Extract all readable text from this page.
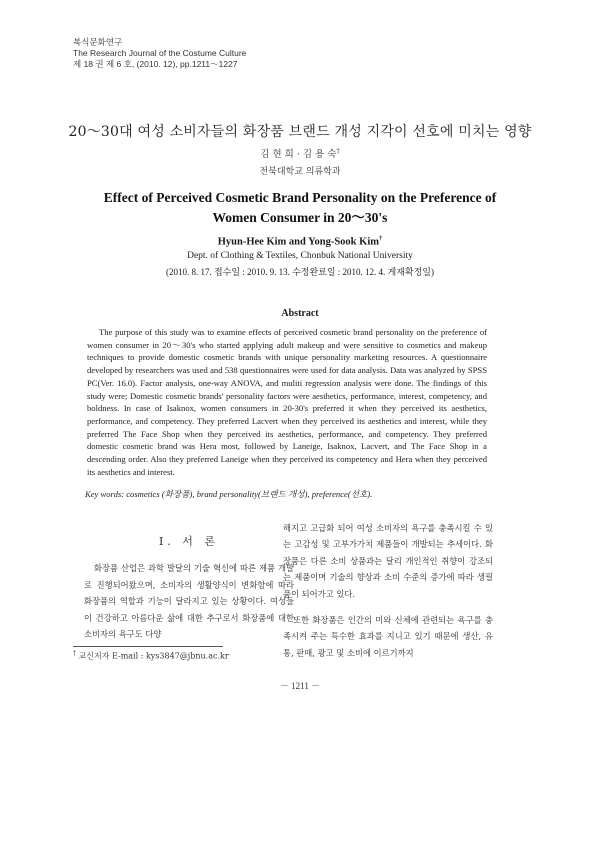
복식문화연구
The Research Journal of the Costume Culture
제 18 권 제 6 호, (2010. 12), pp.1211～1227
20～30대 여성 소비자들의 화장품 브랜드 개성 지각이 선호에 미치는 영향
김 현 희 · 김 용 숙†
전북대학교 의류학과
Effect of Perceived Cosmetic Brand Personality on the Preference of
Women Consumer in 20～30's
Hyun-Hee Kim and Yong-Sook Kim†
Dept. of Clothing & Textiles, Chonbuk National University
(2010. 8. 17. 접수일 : 2010. 9. 13. 수정완료일 : 2010. 12. 4. 게재확정일)
Abstract
The purpose of this study was to examine effects of perceived cosmetic brand personality on the preference of women consumer in 20～30's who started applying adult makeup and were sensitive to cosmetics and makeup techniques to provide domestic cosmetic brands with unique personality marketing resources. A questionnaire developed by researchers was used and 538 questionnaires were used for data analysis. Data was analyzed by SPSS PC(Ver. 16.0). Factor analysis, one-way ANOVA, and muliti regression analysis were done. The findings of this study were; Domestic cosmetic brands' personality factors were aesthetics, performance, interest, competency, and boldness. In case of Isaknox, women consumers in 20-30's preferred it when they perceived its aesthetics, performance, and competency. They preferred Lacvert when they perceived its aesthetics and interest, while they preferred The Face Shop when they perceived its aesthetics, performance, and competency. They preferred domestic cosmetic brand was Hera most, followed by Laneige, Isaknox, Lacvert, and The Face Shop in a descending order. Also they preferred Laneige when they perceived its competency and Hera when they perceived its aesthetics and interest.
Key words: cosmetics (화장품), brand personality(브랜드 개성), preference(선호).
Ⅰ. 서 론
화장품 산업은 과학 발달의 기술 혁신에 따른 제품 개발로 진행되어왔으며, 소비자의 생활양식이 변화함에 따라 화장품의 역할과 기능이 달라지고 있는 상황이다. 여성들이 건강하고 아름다운 삶에 대한 추구로서 화장품에 대한 소비자의 욕구도 다양
해지고 고급화 되어 여성 소비자의 욕구를 충족시킬 수 있는 고감성 및 고부가가치 제품들이 개발되는 추세이다. 화장품은 다른 소비 상품과는 달리 개인적인 취향이 강조되는 제품이며 기술의 향상과 소비 수준의 증가에 따라 생필품이 되어가고 있다.
또한 화장품은 인간의 미와 신체에 관련되는 욕구를 충족시켜 주는 특수한 효과를 지니고 있기 때문에 생산, 유통, 판매, 광고 및 소비에 이르기까지
† 교신저자 E-mail : kys3847@jbnu.ac.kr
－ 1211 －
